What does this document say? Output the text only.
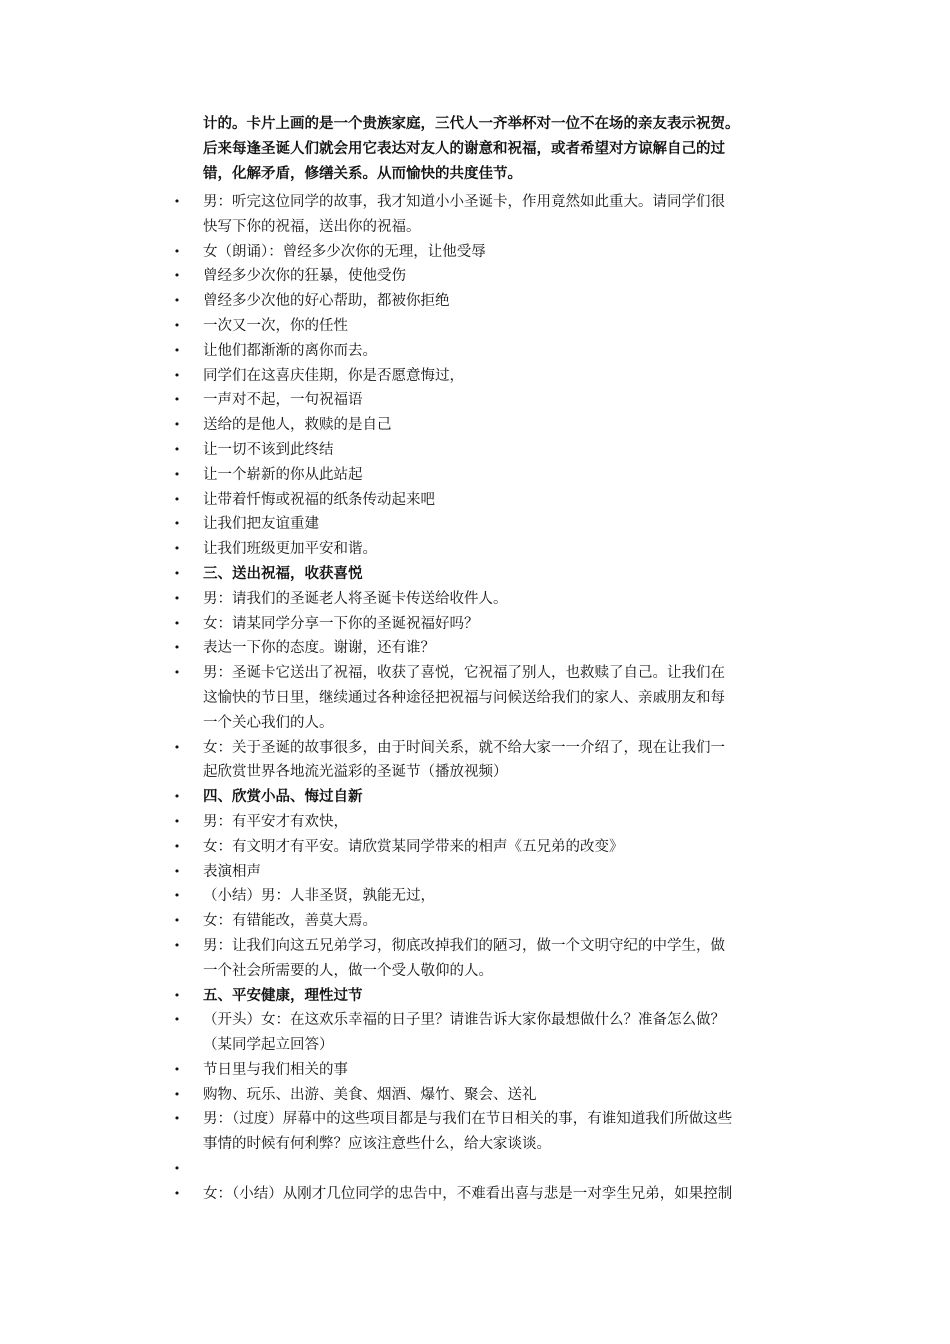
计的。卡片上画的是一个贵族家庭，三代人一齐举杯对一位不在场的亲友表示祝贺。

后来每逢圣诞人们就会用它表达对友人的谢意和祝福，或者希望对方谅解自己的过

错，化解矛盾，修缮关系。从而愉快的共度佳节。

• 男：听完这位同学的故事，我才知道小小圣诞卡，作用竟然如此重大。请同学们很
快写下你的祝福，送出你的祝福。
• 女（朗诵）：曾经多少次你的无理，让他受辱
• 曾经多少次你的狂暴，使他受伤
• 曾经多少次他的好心帮助，都被你拒绝
• 一次又一次，你的任性
• 让他们都渐渐的离你而去。
• 同学们在这喜庆佳期，你是否愿意悔过，
• 一声对不起，一句祝福语
• 送给的是他人，救赎的是自己
• 让一切不该到此终结
• 让一个崭新的你从此站起
• 让带着忏悔或祝福的纸条传动起来吧
• 让我们把友谊重建
• 让我们班级更加平安和谐。
• 三、送出祝福，收获喜悦
• 男：请我们的圣诞老人将圣诞卡传送给收件人。
• 女：请某同学分享一下你的圣诞祝福好吗？
• 表达一下你的态度。谢谢，还有谁？
• 男：圣诞卡它送出了祝福，收获了喜悦，它祝福了别人，也救赎了自己。让我们在
这愉快的节日里，继续通过各种途径把祝福与问候送给我们的家人、亲戚朋友和每
一个关心我们的人。
• 女：关于圣诞的故事很多，由于时间关系，就不给大家一一介绍了，现在让我们一
起欣赏世界各地流光溢彩的圣诞节（播放视频）
• 四、欣赏小品、悔过自新
• 男：有平安才有欢快，
• 女：有文明才有平安。请欣赏某同学带来的相声《五兄弟的改变》
• 表演相声
• （小结）男：人非圣贤，孰能无过，
• 女：有错能改，善莫大焉。
• 男：让我们向这五兄弟学习，彻底改掉我们的陋习，做一个文明守纪的中学生，做
一个社会所需要的人，做一个受人敬仰的人。
• 五、平安健康，理性过节
• （开头）女：在这欢乐幸福的日子里？请谁告诉大家你最想做什么？准备怎么做？
（某同学起立回答）
• 节日里与我们相关的事
• 购物、玩乐、出游、美食、烟酒、爆竹、聚会、送礼
• 男：（过度）屏幕中的这些项目都是与我们在节日相关的事，有谁知道我们所做这些
事情的时候有何利弊？应该注意些什么，给大家谈谈。
•
• 女：（小结）从刚才几位同学的忠告中，不难看出喜与悲是一对孪生兄弟，如果控制
